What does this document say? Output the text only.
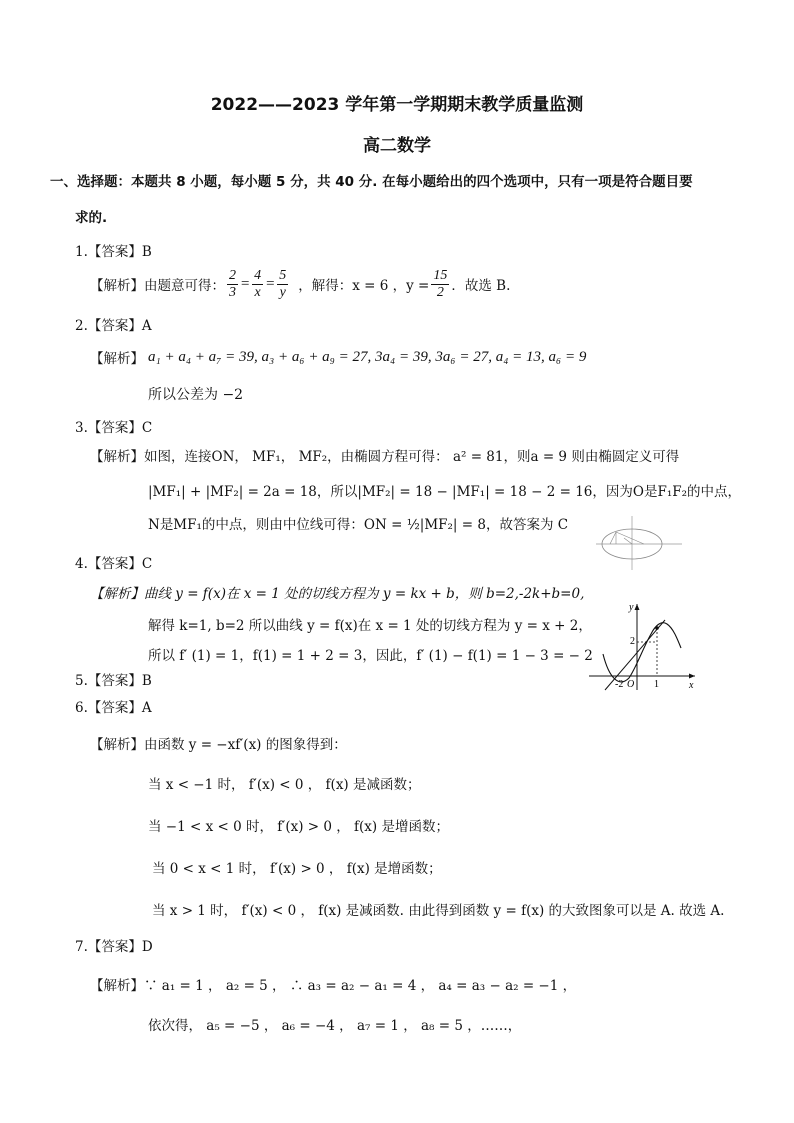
2022——2023 学年第一学期期末教学质量监测
高二数学
一、选择题：本题共 8 小题，每小题 5 分，共 40 分. 在每小题给出的四个选项中，只有一项是符合题目要
求的.
1.【答案】B
【解析】 由题意可得： $\frac{2}{3} = \frac{4}{x} = \frac{5}{y}$ ，解得：x = 6 ，$y = \frac{15}{2}$ ．故选 B.
2.【答案】A
【解析】 a₁ + a₄ + a₇ = 39, a₃ + a₆ + a₉ = 27, 3a₄ = 39, 3a₆ = 27, a₄ = 13, a₆ = 9
所以公差为 −2
3.【答案】C
【解析】如图，连接ON， MF₁， MF₂，由椭圆方程可得： a² = 81，则a = 9 则由椭圆定义可得
|MF₁| + |MF₂| = 2a = 18，所以|MF₂| = 18 − |MF₁| = 18 − 2 = 16，因为O是F₁F₂的中点，
N是MF₁的中点，则由中位线可得：ON = ½|MF₂| = 8，故答案为 C
4.【答案】C
【解析】曲线 y = f(x)在 x = 1 处的切线方程为 y = kx + b，则 b=2,-2k+b=0,
解得 k=1, b=2 所以曲线 y = f(x)在 x = 1 处的切线方程为 y = x + 2，
所以 f′ (1) = 1，f(1) = 1 + 2 = 3，因此，f′ (1) − f(1) = 1 − 3 = − 2
y
x
2
-2 O 1
5.【答案】B
6.【答案】A
【解析】由函数 y = −xf′(x) 的图象得到：
当 x < −1 时， f′(x) < 0 ， f(x) 是减函数；
当 −1 < x < 0 时， f′(x) > 0 ， f(x) 是增函数；
当 0 < x < 1 时， f′(x) > 0 ， f(x) 是增函数；
当 x > 1 时， f′(x) < 0 ， f(x) 是减函数. 由此得到函数 y = f(x) 的大致图象可以是 A. 故选 A.
7.【答案】D
【解析】∵ a₁ = 1 ， a₂ = 5 ， ∴ a₃ = a₂ − a₁ = 4 ， a₄ = a₃ − a₂ = −1 ，
依次得， a₅ = −5 ， a₆ = −4 ， a₇ = 1 ， a₈ = 5 ，……，
